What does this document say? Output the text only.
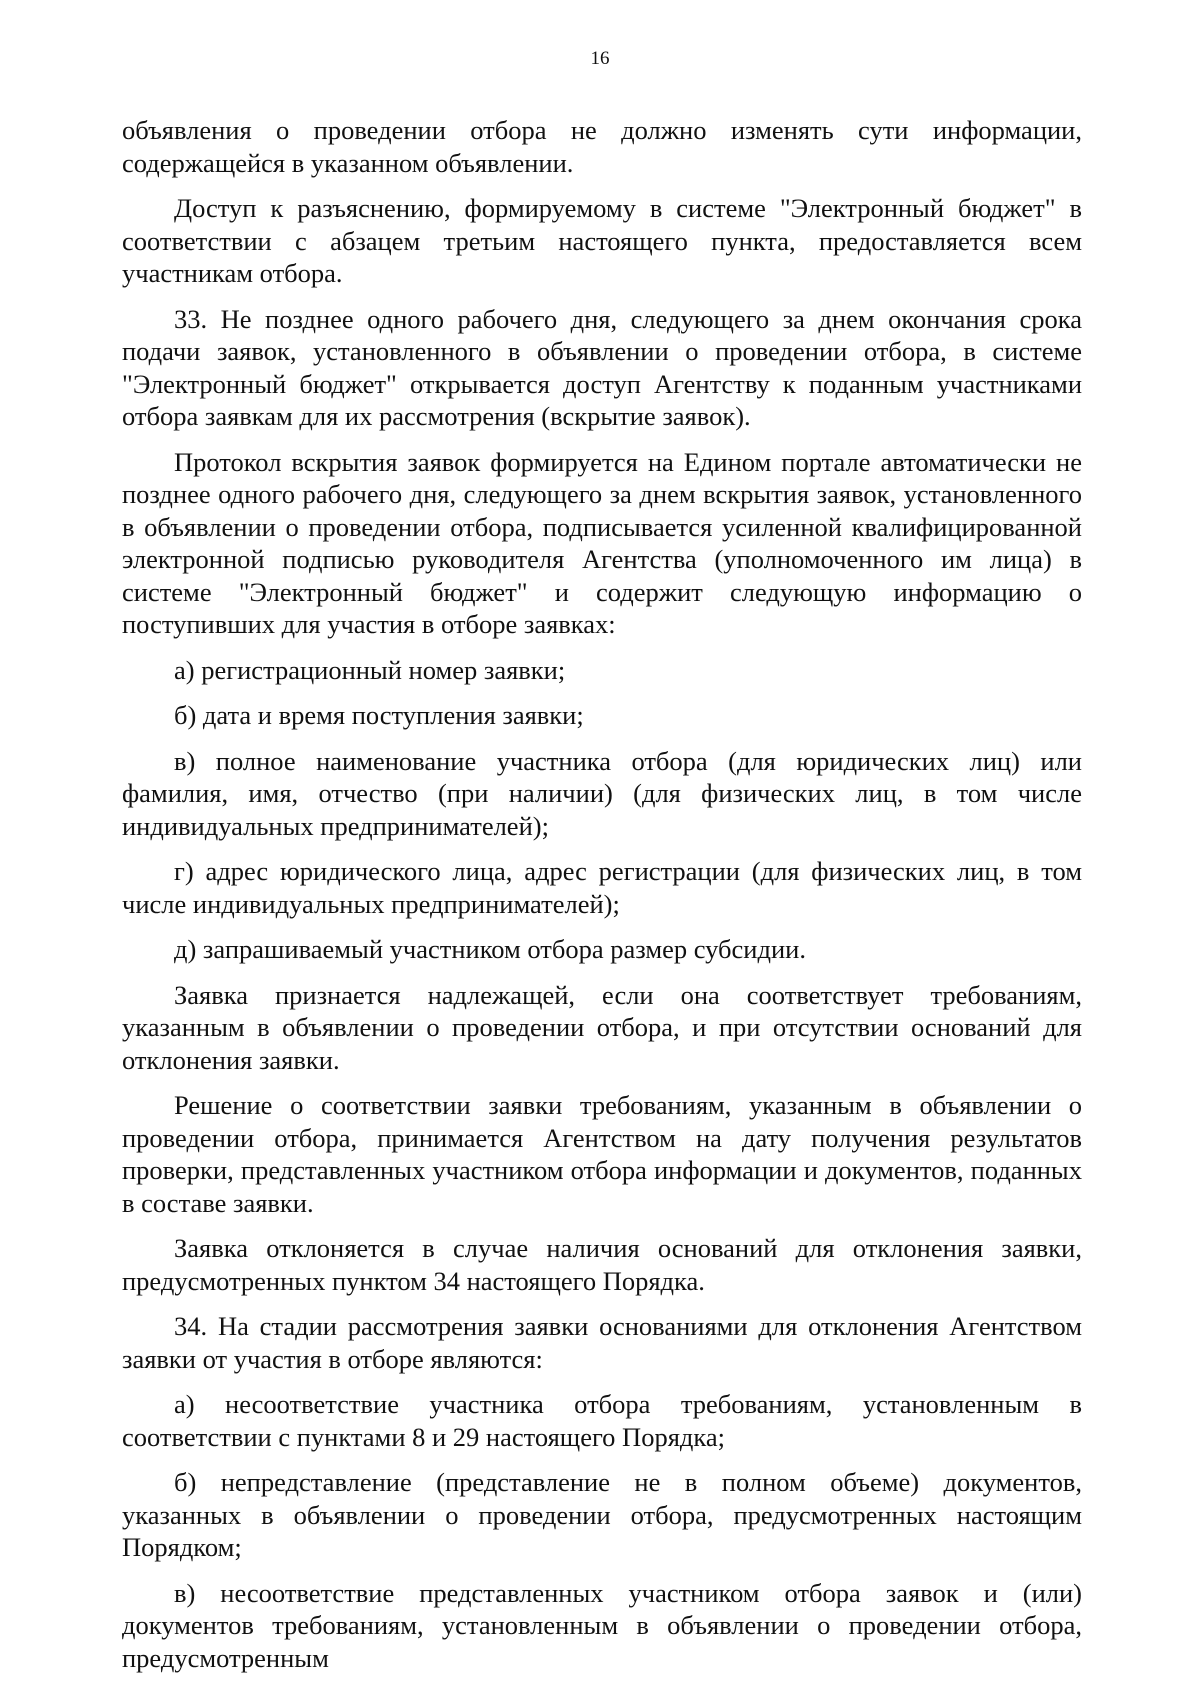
16

объявления о проведении отбора не должно изменять сути информации, содержащейся в указанном объявлении.

Доступ к разъяснению, формируемому в системе "Электронный бюджет" в соответствии с абзацем третьим настоящего пункта, предоставляется всем участникам отбора.

33. Не позднее одного рабочего дня, следующего за днем окончания срока подачи заявок, установленного в объявлении о проведении отбора, в системе "Электронный бюджет" открывается доступ Агентству к поданным участниками отбора заявкам для их рассмотрения (вскрытие заявок).

Протокол вскрытия заявок формируется на Едином портале автоматически не позднее одного рабочего дня, следующего за днем вскрытия заявок, установленного в объявлении о проведении отбора, подписывается усиленной квалифицированной электронной подписью руководителя Агентства (уполномоченного им лица) в системе "Электронный бюджет" и содержит следующую информацию о поступивших для участия в отборе заявках:

а) регистрационный номер заявки;

б) дата и время поступления заявки;

в) полное наименование участника отбора (для юридических лиц) или фамилия, имя, отчество (при наличии) (для физических лиц, в том числе индивидуальных предпринимателей);

г) адрес юридического лица, адрес регистрации (для физических лиц, в том числе индивидуальных предпринимателей);

д) запрашиваемый участником отбора размер субсидии.

Заявка признается надлежащей, если она соответствует требованиям, указанным в объявлении о проведении отбора, и при отсутствии оснований для отклонения заявки.

Решение о соответствии заявки требованиям, указанным в объявлении о проведении отбора, принимается Агентством на дату получения результатов проверки, представленных участником отбора информации и документов, поданных в составе заявки.

Заявка отклоняется в случае наличия оснований для отклонения заявки, предусмотренных пунктом 34 настоящего Порядка.

34. На стадии рассмотрения заявки основаниями для отклонения Агентством заявки от участия в отборе являются:

а) несоответствие участника отбора требованиям, установленным в соответствии с пунктами 8 и 29 настоящего Порядка;

б) непредставление (представление не в полном объеме) документов, указанных в объявлении о проведении отбора, предусмотренных настоящим Порядком;

в) несоответствие представленных участником отбора заявок и (или) документов требованиям, установленным в объявлении о проведении отбора, предусмотренным
